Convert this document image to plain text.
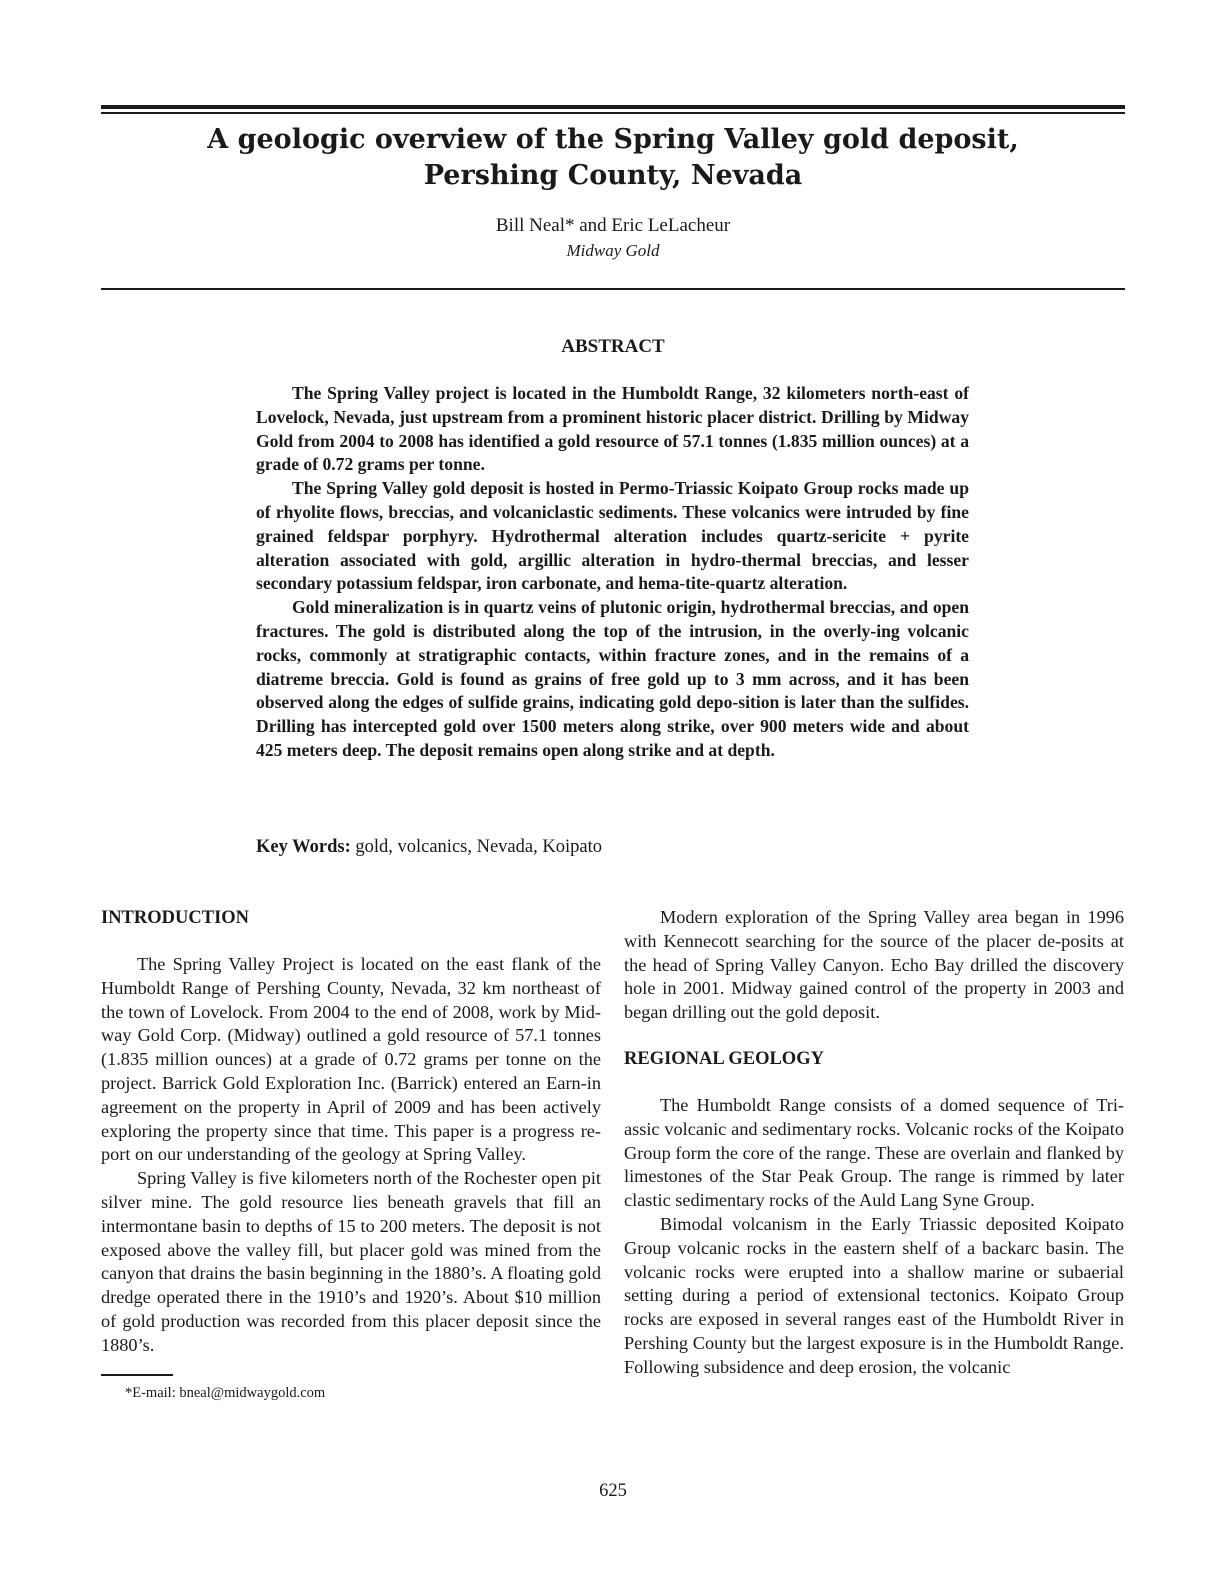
A geologic overview of the Spring Valley gold deposit,
Pershing County, Nevada
Bill Neal* and Eric LeLacheur
Midway Gold
ABSTRACT

The Spring Valley project is located in the Humboldt Range, 32 kilometers north-east of Lovelock, Nevada, just upstream from a prominent historic placer district. Drilling by Midway Gold from 2004 to 2008 has identified a gold resource of 57.1 tonnes (1.835 million ounces) at a grade of 0.72 grams per tonne.

The Spring Valley gold deposit is hosted in Permo-Triassic Koipato Group rocks made up of rhyolite flows, breccias, and volcaniclastic sediments. These volcanics were intruded by fine grained feldspar porphyry. Hydrothermal alteration includes quartz-sericite + pyrite alteration associated with gold, argillic alteration in hydro-thermal breccias, and lesser secondary potassium feldspar, iron carbonate, and hema-tite-quartz alteration.

Gold mineralization is in quartz veins of plutonic origin, hydrothermal breccias, and open fractures. The gold is distributed along the top of the intrusion, in the overly-ing volcanic rocks, commonly at stratigraphic contacts, within fracture zones, and in the remains of a diatreme breccia. Gold is found as grains of free gold up to 3 mm across, and it has been observed along the edges of sulfide grains, indicating gold depo-sition is later than the sulfides. Drilling has intercepted gold over 1500 meters along strike, over 900 meters wide and about 425 meters deep. The deposit remains open along strike and at depth.

Key Words: gold, volcanics, Nevada, Koipato
INTRODUCTION

The Spring Valley Project is located on the east flank of the Humboldt Range of Pershing County, Nevada, 32 km northeast of the town of Lovelock. From 2004 to the end of 2008, work by Mid-way Gold Corp. (Midway) outlined a gold resource of 57.1 tonnes (1.835 million ounces) at a grade of 0.72 grams per tonne on the project. Barrick Gold Exploration Inc. (Barrick) entered an Earn-in agreement on the property in April of 2009 and has been actively exploring the property since that time. This paper is a progress re-port on our understanding of the geology at Spring Valley.

Spring Valley is five kilometers north of the Rochester open pit silver mine. The gold resource lies beneath gravels that fill an intermontane basin to depths of 15 to 200 meters. The deposit is not exposed above the valley fill, but placer gold was mined from the canyon that drains the basin beginning in the 1880’s. A floating gold dredge operated there in the 1910’s and 1920’s. About $10 million of gold production was recorded from this placer deposit since the 1880’s.

Modern exploration of the Spring Valley area began in 1996 with Kennecott searching for the source of the placer de-posits at the head of Spring Valley Canyon. Echo Bay drilled the discovery hole in 2001. Midway gained control of the property in 2003 and began drilling out the gold deposit.

REGIONAL GEOLOGY

The Humboldt Range consists of a domed sequence of Tri-assic volcanic and sedimentary rocks. Volcanic rocks of the Koipato Group form the core of the range. These are overlain and flanked by limestones of the Star Peak Group. The range is rimmed by later clastic sedimentary rocks of the Auld Lang Syne Group.

Bimodal volcanism in the Early Triassic deposited Koipato Group volcanic rocks in the eastern shelf of a backarc basin. The volcanic rocks were erupted into a shallow marine or subaerial setting during a period of extensional tectonics. Koipato Group rocks are exposed in several ranges east of the Humboldt River in Pershing County but the largest exposure is in the Humboldt Range. Following subsidence and deep erosion, the volcanic

*E-mail: bneal@midwaygold.com
625
